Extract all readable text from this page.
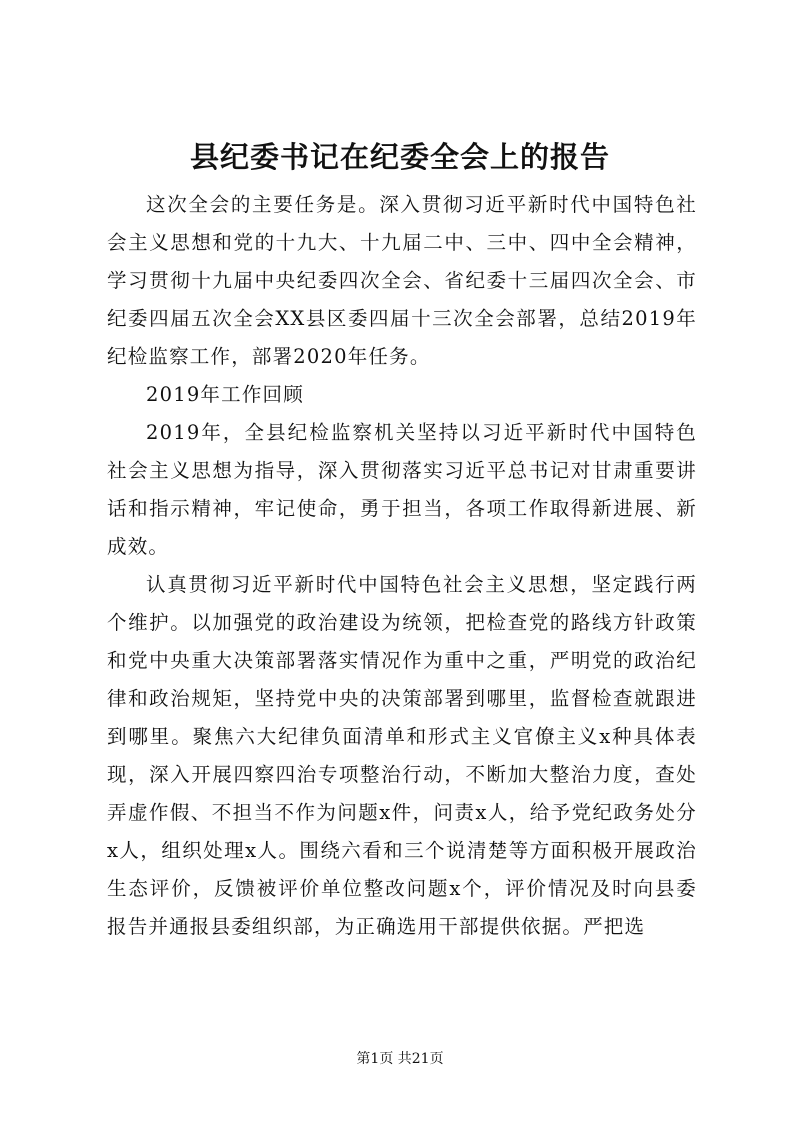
县纪委书记在纪委全会上的报告

这次全会的主要任务是。深入贯彻习近平新时代中国特色社会主义思想和党的十九大、十九届二中、三中、四中全会精神，学习贯彻十九届中央纪委四次全会、省纪委十三届四次全会、市纪委四届五次全会XX县区委四届十三次全会部署，总结2019年纪检监察工作，部署2020年任务。

2019年工作回顾

2019年，全县纪检监察机关坚持以习近平新时代中国特色社会主义思想为指导，深入贯彻落实习近平总书记对甘肃重要讲话和指示精神，牢记使命，勇于担当，各项工作取得新进展、新成效。

认真贯彻习近平新时代中国特色社会主义思想，坚定践行两个维护。以加强党的政治建设为统领，把检查党的路线方针政策和党中央重大决策部署落实情况作为重中之重，严明党的政治纪律和政治规矩，坚持党中央的决策部署到哪里，监督检查就跟进到哪里。聚焦六大纪律负面清单和形式主义官僚主义x种具体表现，深入开展四察四治专项整治行动，不断加大整治力度，查处弄虚作假、不担当不作为问题x件，问责x人，给予党纪政务处分x人，组织处理x人。围绕六看和三个说清楚等方面积极开展政治生态评价，反馈被评价单位整改问题x个，评价情况及时向县委报告并通报县委组织部，为正确选用干部提供依据。严把选

第1页 共21页
